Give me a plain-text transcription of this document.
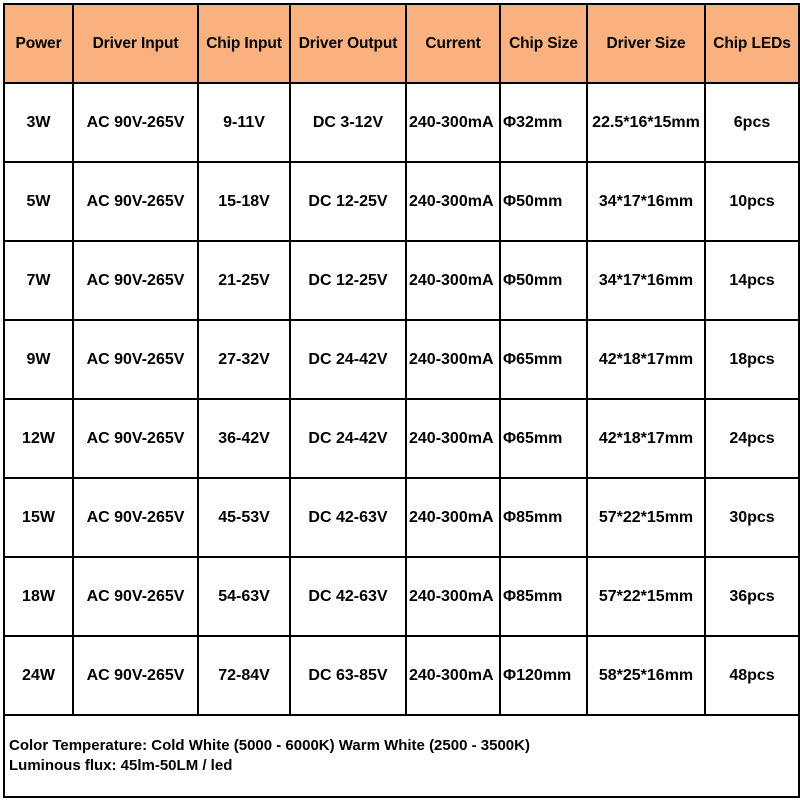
Power	Driver Input	Chip Input	Driver Output	Current	Chip Size	Driver Size	Chip LEDs
3W	AC 90V-265V	9-11V	DC 3-12V	240-300mA	Φ32mm	22.5*16*15mm	6pcs
5W	AC 90V-265V	15-18V	DC 12-25V	240-300mA	Φ50mm	34*17*16mm	10pcs
7W	AC 90V-265V	21-25V	DC 12-25V	240-300mA	Φ50mm	34*17*16mm	14pcs
9W	AC 90V-265V	27-32V	DC 24-42V	240-300mA	Φ65mm	42*18*17mm	18pcs
12W	AC 90V-265V	36-42V	DC 24-42V	240-300mA	Φ65mm	42*18*17mm	24pcs
15W	AC 90V-265V	45-53V	DC 42-63V	240-300mA	Φ85mm	57*22*15mm	30pcs
18W	AC 90V-265V	54-63V	DC 42-63V	240-300mA	Φ85mm	57*22*15mm	36pcs
24W	AC 90V-265V	72-84V	DC 63-85V	240-300mA	Φ120mm	58*25*16mm	48pcs

Color Temperature: Cold White (5000 - 6000K) Warm White (2500 - 3500K)
Luminous flux: 45lm-50LM / led							
